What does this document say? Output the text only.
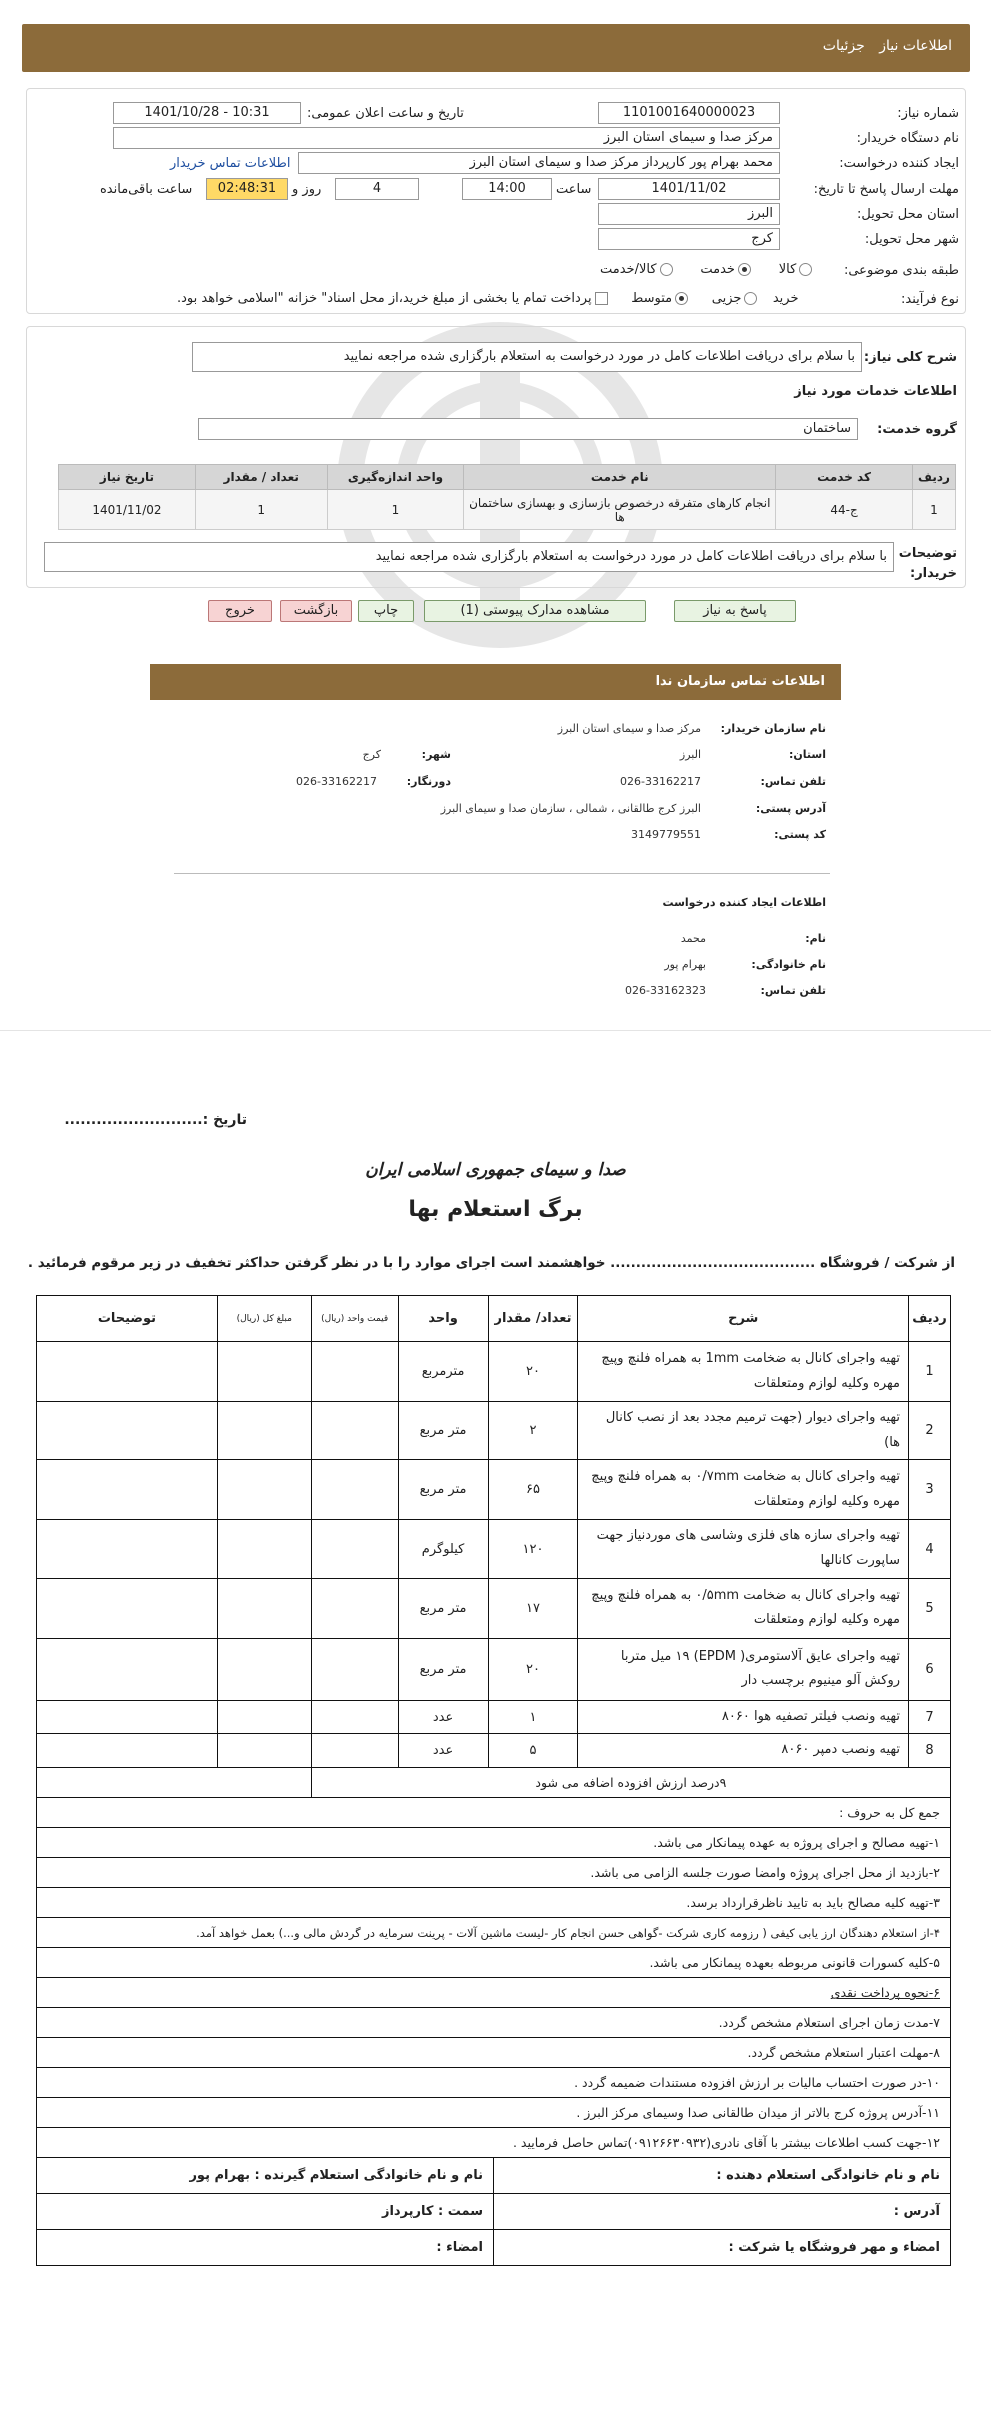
اطلاعات نیاز جزئیات
شماره نیاز:
1101001640000023
تاریخ و ساعت اعلان عمومی:
1401/10/28 - 10:31
نام دستگاه خریدار:
مرکز صدا و سیمای استان البرز
ایجاد کننده درخواست:
محمد بهرام پور کارپرداز مرکز صدا و سیمای استان البرز
اطلاعات تماس خریدار
مهلت ارسال پاسخ تا تاریخ:
1401/11/02
ساعت
14:00
4
روز و
02:48:31
ساعت باقی‌مانده
استان محل تحویل:
البرز
شهر محل تحویل:
کرج
طبقه بندی موضوعی:
کالا      خدمت      کالا/خدمت
نوع فرآیند:
خرید   جزیی     متوسط     پرداخت تمام یا بخشی از مبلغ خرید،از محل اسناد" خزانه "اسلامی خواهد بود.
شرح کلی نیاز:
با سلام برای دریافت اطلاعات کامل در مورد درخواست به استعلام بارگزاری شده مراجعه نمایید
اطلاعات خدمات مورد نیاز
گروه خدمت:
ساختمان
ردیف	کد خدمت	نام خدمت	واحد اندازه‌گیری	تعداد / مقدار	تاریخ نیاز
1	ج-44	انجام کارهای متفرقه درخصوص بازسازی و بهسازی ساختمان ها	1	1	1401/11/02
توضیحات خریدار:
با سلام برای دریافت اطلاعات کامل در مورد درخواست به استعلام بارگزاری شده مراجعه نمایید
پاسخ به نیاز
مشاهده مدارک پیوستی (1)
چاپ
بازگشت
خروج
اطلاعات تماس سازمان ندا
نام سازمان خریدار:
مرکز صدا و سیمای استان البرز
استان:
البرز
شهر:
کرج
تلفن تماس:
026-33162217
دورنگار:
026-33162217
آدرس پستی:
البرز کرج طالقانی ، شمالی ، سازمان صدا و سیمای البرز
کد پستی:
3149779551
اطلاعات ایجاد کننده درخواست
نام:
محمد
نام خانوادگی:
بهرام پور
تلفن تماس:
026-33162323
تاریخ :..........................
صدا و سیمای جمهوری اسلامی ایران
برگ استعلام بها
از شرکت / فروشگاه ........................................ خواهشمند است اجرای موارد را با در نظر گرفتن حداکثر تخفیف در زیر مرقوم فرمائید .
ردیف	شرح	تعداد/ مقدار	واحد	قیمت واحد (ریال)	مبلغ کل (ریال)	توضیحات
1	تهیه واجرای کانال به ضخامت 1mm به همراه فلنچ وپیچ مهره وکلیه لوازم ومتعلقات	۲۰	مترمربع			
2	تهیه واجرای دیوار (جهت ترمیم مجدد بعد از نصب کانال ها)	۲	متر مربع			
3	تهیه واجرای کانال به ضخامت ۰/۷mm به همراه فلنچ وپیچ مهره وکلیه لوازم ومتعلقات	۶۵	متر مربع			
4	تهیه واجرای سازه های فلزی وشاسی های موردنیاز جهت ساپورت کانالها	۱۲۰	کیلوگرم			
5	تهیه واجرای کانال به ضخامت ۰/۵mm به همراه فلنچ وپیچ مهره وکلیه لوازم ومتعلقات	۱۷	متر مربع			
6	تهیه واجرای عایق آلاستومری( EPDM) ۱۹ میل متربا روکش آلو مینیوم برچسب دار	۲۰	متر مربع			
7	تهیه ونصب فیلتر تصفیه هوا ۸۰۶۰	۱	عدد			
8	تهیه ونصب دمپر ۸۰۶۰	۵	عدد			
۹درصد ارزش افزوده اضافه می شود						
جمع کل به حروف :						
۱-تهیه مصالح و اجرای پروژه به عهده پیمانکار می باشد.						
۲-بازدید از محل اجرای پروژه وامضا صورت جلسه الزامی می باشد.						
۳-تهیه کلیه مصالح باید به تایید ناظرقرارداد برسد.						
۴-از استعلام دهندگان ارز یابی کیفی ( رزومه کاری شرکت -گواهی حسن انجام کار -لیست ماشین آلات - پرینت سرمایه در گردش مالی و...) بعمل خواهد آمد.						
۵-کلیه کسورات قانونی مربوطه بعهده پیمانکار می باشد.						
۶-نحوه پرداخت نقدی						
۷-مدت زمان اجرای استعلام مشخص گردد.						
۸-مهلت اعتبار استعلام مشخص گردد.						
۱۰-در صورت احتساب مالیات بر ارزش افزوده مستندات ضمیمه گردد .						
۱۱-آدرس پروژه کرج بالاتر از میدان طالقانی صدا وسیمای مرکز البرز .						
۱۲-جهت کسب اطلاعات بیشتر با آقای نادری(۰۹۱۲۶۶۳۰۹۳۲)تماس حاصل فرمایید .						
نام و نام خانوادگی استعلام دهنده :	نام و نام خانوادگی استعلام گیرنده : بهرام پور
آدرس :	سمت : کارپرداز
امضاء و مهر فروشگاه یا شرکت :	امضاء :
